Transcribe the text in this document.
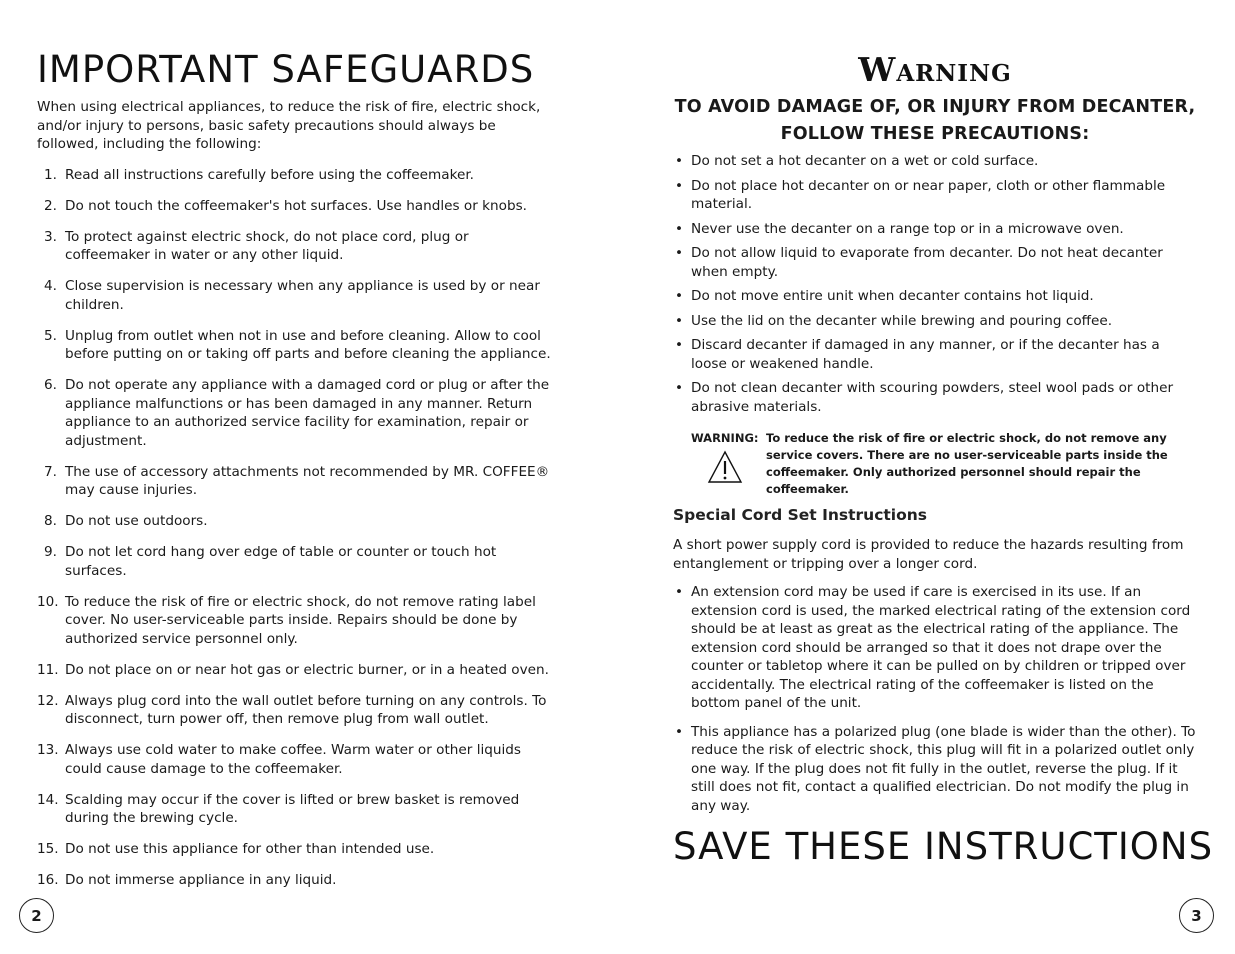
IMPORTANT SAFEGUARDS

When using electrical appliances, to reduce the risk of fire, electric shock, and/or injury to persons, basic safety precautions should always be followed, including the following:

1. Read all instructions carefully before using the coffeemaker.
2. Do not touch the coffeemaker's hot surfaces. Use handles or knobs.
3. To protect against electric shock, do not place cord, plug or coffeemaker in water or any other liquid.
4. Close supervision is necessary when any appliance is used by or near children.
5. Unplug from outlet when not in use and before cleaning. Allow to cool before putting on or taking off parts and before cleaning the appliance.
6. Do not operate any appliance with a damaged cord or plug or after the appliance malfunctions or has been damaged in any manner. Return appliance to an authorized service facility for examination, repair or adjustment.
7. The use of accessory attachments not recommended by MR. COFFEE® may cause injuries.
8. Do not use outdoors.
9. Do not let cord hang over edge of table or counter or touch hot surfaces.
10. To reduce the risk of fire or electric shock, do not remove rating label cover. No user-serviceable parts inside. Repairs should be done by authorized service personnel only.
11. Do not place on or near hot gas or electric burner, or in a heated oven.
12. Always plug cord into the wall outlet before turning on any controls. To disconnect, turn power off, then remove plug from wall outlet.
13. Always use cold water to make coffee. Warm water or other liquids could cause damage to the coffeemaker.
14. Scalding may occur if the cover is lifted or brew basket is removed during the brewing cycle.
15. Do not use this appliance for other than intended use.
16. Do not immerse appliance in any liquid.
Warning
TO AVOID DAMAGE OF, OR INJURY FROM DECANTER, FOLLOW THESE PRECAUTIONS:
• Do not set a hot decanter on a wet or cold surface.
• Do not place hot decanter on or near paper, cloth or other flammable material.
• Never use the decanter on a range top or in a microwave oven.
• Do not allow liquid to evaporate from decanter. Do not heat decanter when empty.
• Do not move entire unit when decanter contains hot liquid.
• Use the lid on the decanter while brewing and pouring coffee.
• Discard decanter if damaged in any manner, or if the decanter has a loose or weakened handle.
• Do not clean decanter with scouring powders, steel wool pads or other abrasive materials.
WARNING: To reduce the risk of fire or electric shock, do not remove any service covers. There are no user-serviceable parts inside the coffeemaker. Only authorized personnel should repair the coffeemaker.
Special Cord Set Instructions

A short power supply cord is provided to reduce the hazards resulting from entanglement or tripping over a longer cord.

• An extension cord may be used if care is exercised in its use. If an extension cord is used, the marked electrical rating of the extension cord should be at least as great as the electrical rating of the appliance. The extension cord should be arranged so that it does not drape over the counter or tabletop where it can be pulled on by children or tripped over accidentally. The electrical rating of the coffeemaker is listed on the bottom panel of the unit.
• This appliance has a polarized plug (one blade is wider than the other). To reduce the risk of electric shock, this plug will fit in a polarized outlet only one way. If the plug does not fit fully in the outlet, reverse the plug. If it still does not fit, contact a qualified electrician. Do not modify the plug in any way.
SAVE THESE INSTRUCTIONS
2	3
